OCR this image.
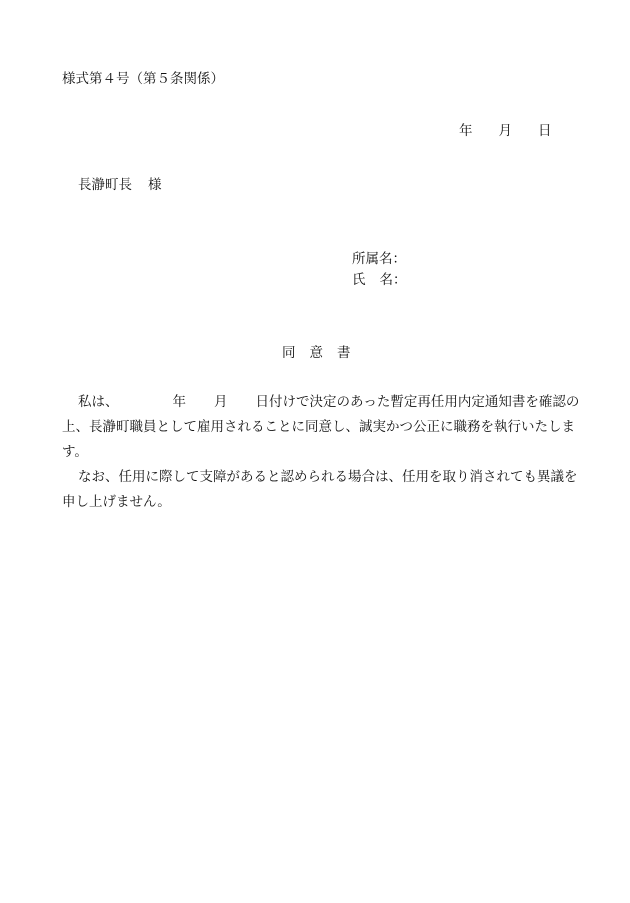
様式第４号（第５条関係）
年 月 日
長瀞町長 様
所属名：
氏 名：
同 意 書
私は、	年 月 日付けで決定のあった暫定再任用内定通知書を確認の
上、長瀞町職員として雇用されることに同意し、誠実かつ公正に職務を執行いたしま
す。
なお、任用に際して支障があると認められる場合は、任用を取り消されても異議を
申し上げません。
